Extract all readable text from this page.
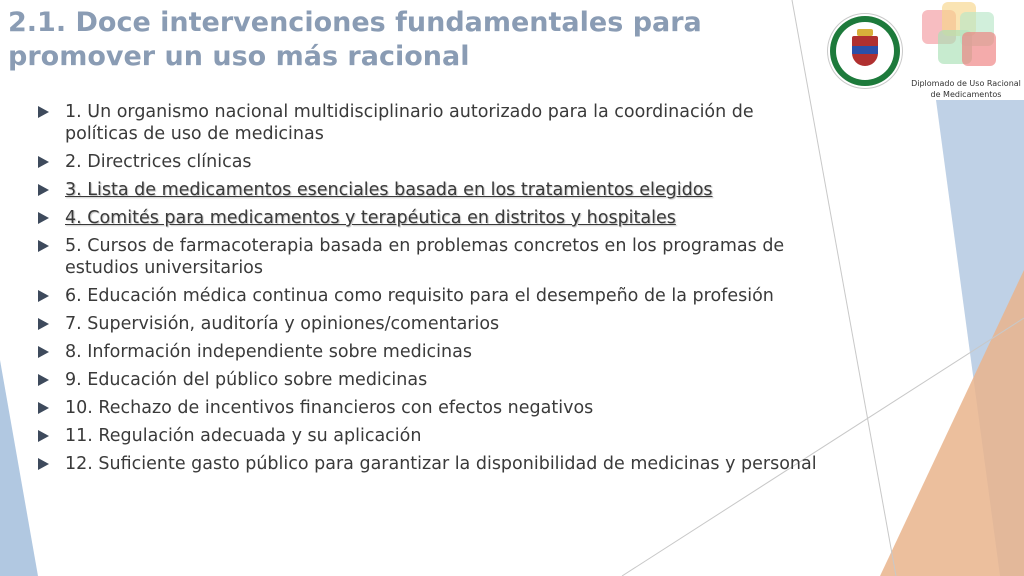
2.1. Doce intervenciones fundamentales para promover un uso más racional
Diplomado de Uso Racional de Medicamentos
1. Un organismo nacional multidisciplinario autorizado para la coordinación de políticas de uso de medicinas
2. Directrices clínicas
3. Lista de medicamentos esenciales basada en los tratamientos elegidos
4. Comités para medicamentos y terapéutica en distritos y hospitales
5. Cursos de farmacoterapia basada en problemas concretos en los programas de estudios universitarios
6. Educación médica continua como requisito para el desempeño de la profesión
7. Supervisión, auditoría y opiniones/comentarios
8. Información independiente sobre medicinas
9. Educación del público sobre medicinas
10. Rechazo de incentivos financieros con efectos negativos
11. Regulación adecuada y su aplicación
12. Suficiente gasto público para garantizar la disponibilidad de medicinas y personal
